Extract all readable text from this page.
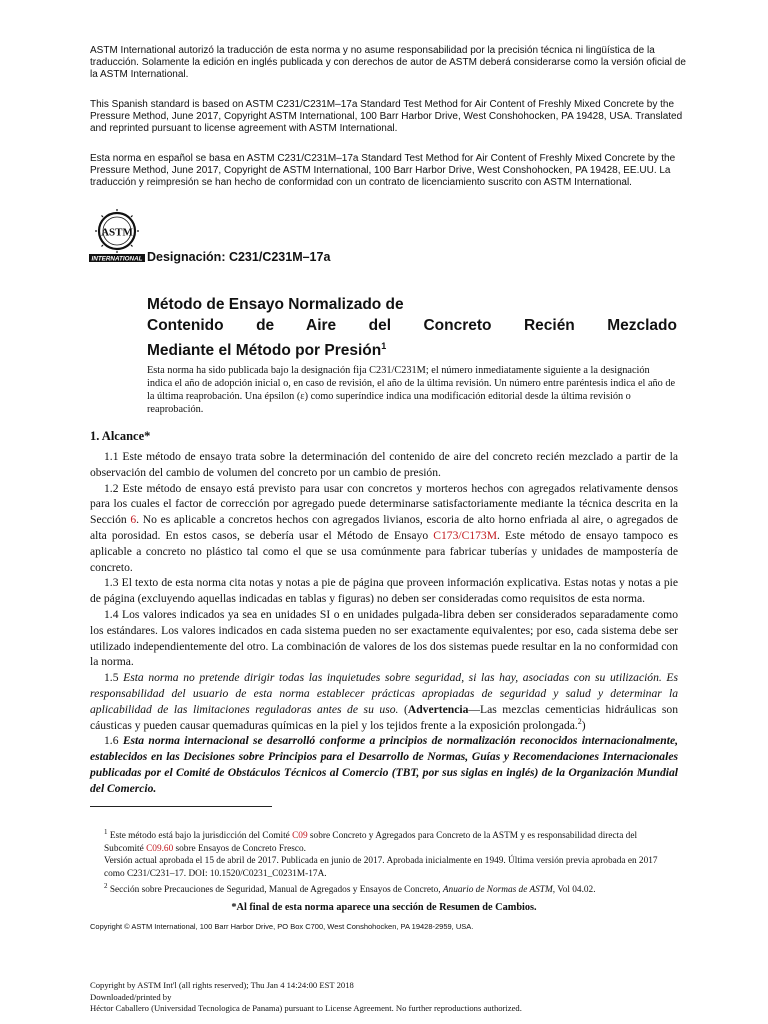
ASTM International autorizó la traducción de esta norma y no asume responsabilidad por la precisión técnica ni lingüística de la traducción. Solamente la edición en inglés publicada y con derechos de autor de ASTM deberá considerarse como la versión oficial de la ASTM International.
This Spanish standard is based on ASTM C231/C231M–17a Standard Test Method for Air Content of Freshly Mixed Concrete by the Pressure Method, June 2017, Copyright ASTM International, 100 Barr Harbor Drive, West Conshohocken, PA 19428, USA. Translated and reprinted pursuant to license agreement with ASTM International.
Esta norma en español se basa en ASTM C231/C231M–17a Standard Test Method for Air Content of Freshly Mixed Concrete by the Pressure Method, June 2017, Copyright de ASTM International, 100 Barr Harbor Drive, West Conshohocken, PA 19428, EE.UU. La traducción y reimpresión se han hecho de conformidad con un contrato de licenciamiento suscrito con ASTM International.
ASTM
INTERNATIONAL Designación: C231/C231M–17a
Método de Ensayo Normalizado de
Contenido de Aire del Concreto Recién Mezclado
Mediante el Método por Presión$^1$
Esta norma ha sido publicada bajo la designación fija C231/C231M; el número inmediatamente siguiente a la designación indica el año de adopción inicial o, en caso de revisión, el año de la última revisión. Un número entre paréntesis indica el año de la última reaprobación. Una épsilon (ε) como superíndice indica una modificación editorial desde la última revisión o reaprobación.
1. Alcance*

1.1 Este método de ensayo trata sobre la determinación del contenido de aire del concreto recién mezclado a partir de la observación del cambio de volumen del concreto por un cambio de presión.

1.2 Este método de ensayo está previsto para usar con concretos y morteros hechos con agregados relativamente densos para los cuales el factor de corrección por agregado puede determinarse satisfactoriamente mediante la técnica descrita en la Sección 6. No es aplicable a concretos hechos con agregados livianos, escoria de alto horno enfriada al aire, o agregados de alta porosidad. En estos casos, se debería usar el Método de Ensayo C173/C173M. Este método de ensayo tampoco es aplicable a concreto no plástico tal como el que se usa comúnmente para fabricar tuberías y unidades de mampostería de concreto.

1.3 El texto de esta norma cita notas y notas a pie de página que proveen información explicativa. Estas notas y notas a pie de página (excluyendo aquellas indicadas en tablas y figuras) no deben ser consideradas como requisitos de esta norma.

1.4 Los valores indicados ya sea en unidades SI o en unidades pulgada-libra deben ser considerados separadamente como los estándares. Los valores indicados en cada sistema pueden no ser exactamente equivalentes; por eso, cada sistema debe ser utilizado independientemente del otro. La combinación de valores de los dos sistemas puede resultar en la no conformidad con la norma.

1.5 Esta norma no pretende dirigir todas las inquietudes sobre seguridad, si las hay, asociadas con su utilización. Es responsabilidad del usuario de esta norma establecer prácticas apropiadas de seguridad y salud y determinar la aplicabilidad de las limitaciones reguladoras antes de su uso. (Advertencia—Las mezclas cementicias hidráulicas son cáusticas y pueden causar quemaduras químicas en la piel y los tejidos frente a la exposición prolongada.$^2$)

1.6 Esta norma internacional se desarrolló conforme a principios de normalización reconocidos internacionalmente, establecidos en las Decisiones sobre Principios para el Desarrollo de Normas, Guías y Recomendaciones Internacionales publicadas por el Comité de Obstáculos Técnicos al Comercio (TBT, por sus siglas en inglés) de la Organización Mundial del Comercio.

$^1$ Este método está bajo la jurisdicción del Comité C09 sobre Concreto y Agregados para Concreto de la ASTM y es responsabilidad directa del Subcomité C09.60 sobre Ensayos de Concreto Fresco.

Versión actual aprobada el 15 de abril de 2017. Publicada en junio de 2017. Aprobada inicialmente en 1949. Última versión previa aprobada en 2017 como C231/C231–17. DOI: 10.1520/C0231_C0231M-17A.

$^2$ Sección sobre Precauciones de Seguridad, Manual de Agregados y Ensayos de Concreto, Anuario de Normas de ASTM, Vol 04.02.

*Al final de esta norma aparece una sección de Resumen de Cambios.
Copyright © ASTM International, 100 Barr Harbor Drive, PO Box C700, West Conshohocken, PA 19428-2959, USA.
Copyright by ASTM Int'l (all rights reserved); Thu Jan 4 14:24:00 EST 2018
Downloaded/printed by
Héctor Caballero (Universidad Tecnologica de Panama) pursuant to License Agreement. No further reproductions authorized.
